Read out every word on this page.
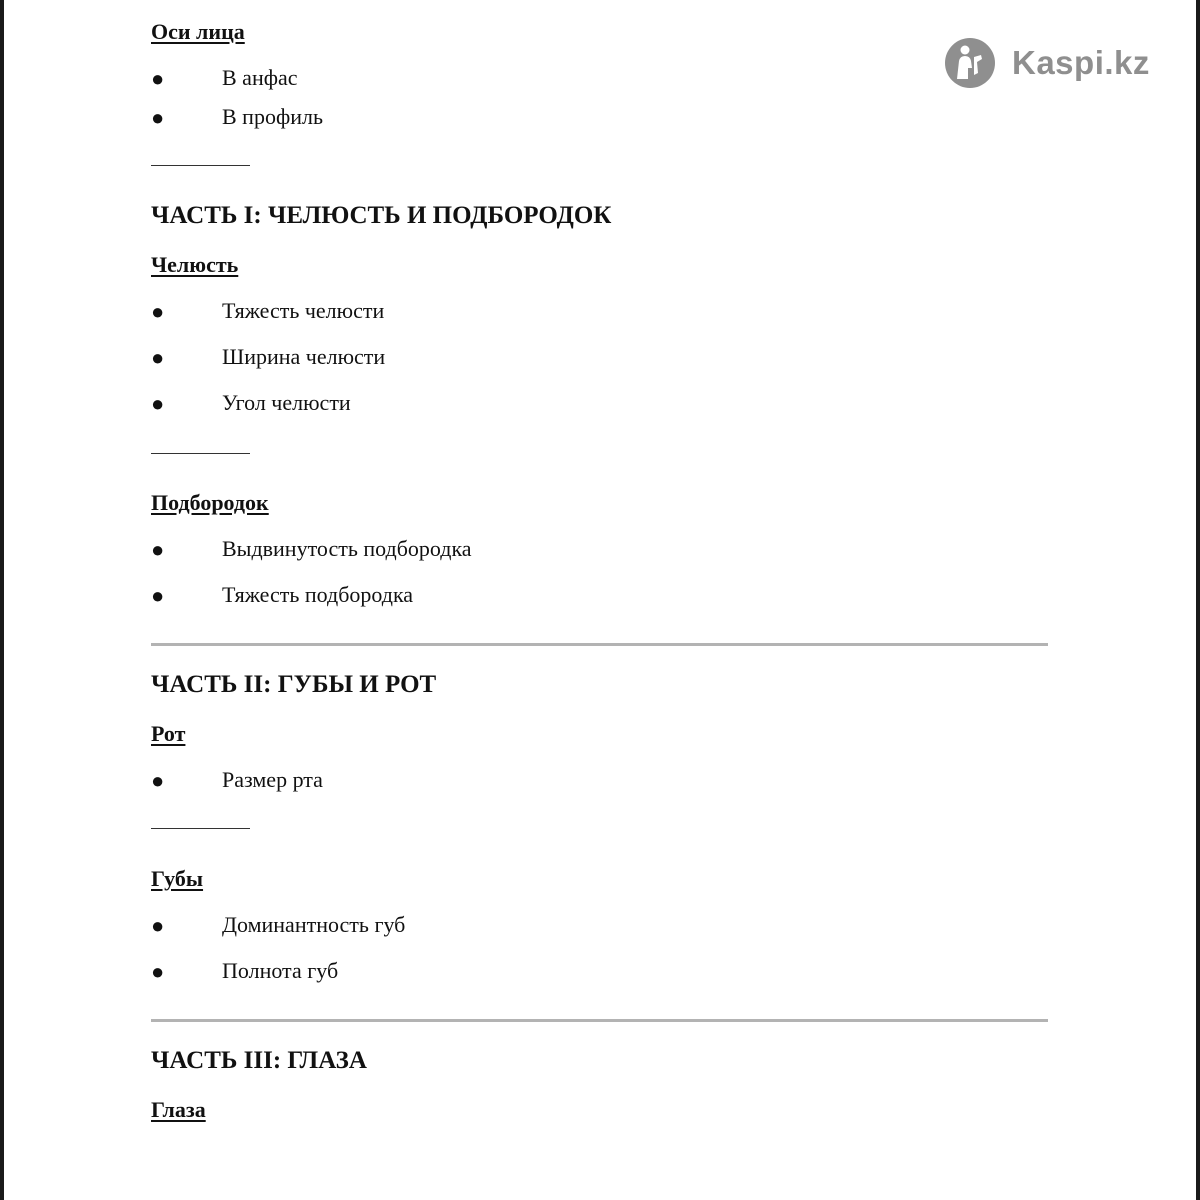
Kaspi.kz
Оси лица
●	В анфас
●	В профиль
ЧАСТЬ I: ЧЕЛЮСТЬ И ПОДБОРОДОК
Челюсть
●	Тяжесть челюсти
●	Ширина челюсти
●	Угол челюсти
Подбородок
●	Выдвинутость подбородка
●	Тяжесть подбородка
ЧАСТЬ II: ГУБЫ И РОТ
Рот
●	Размер рта
Губы
●	Доминантность губ
●	Полнота губ
ЧАСТЬ III: ГЛАЗА
Глаза
